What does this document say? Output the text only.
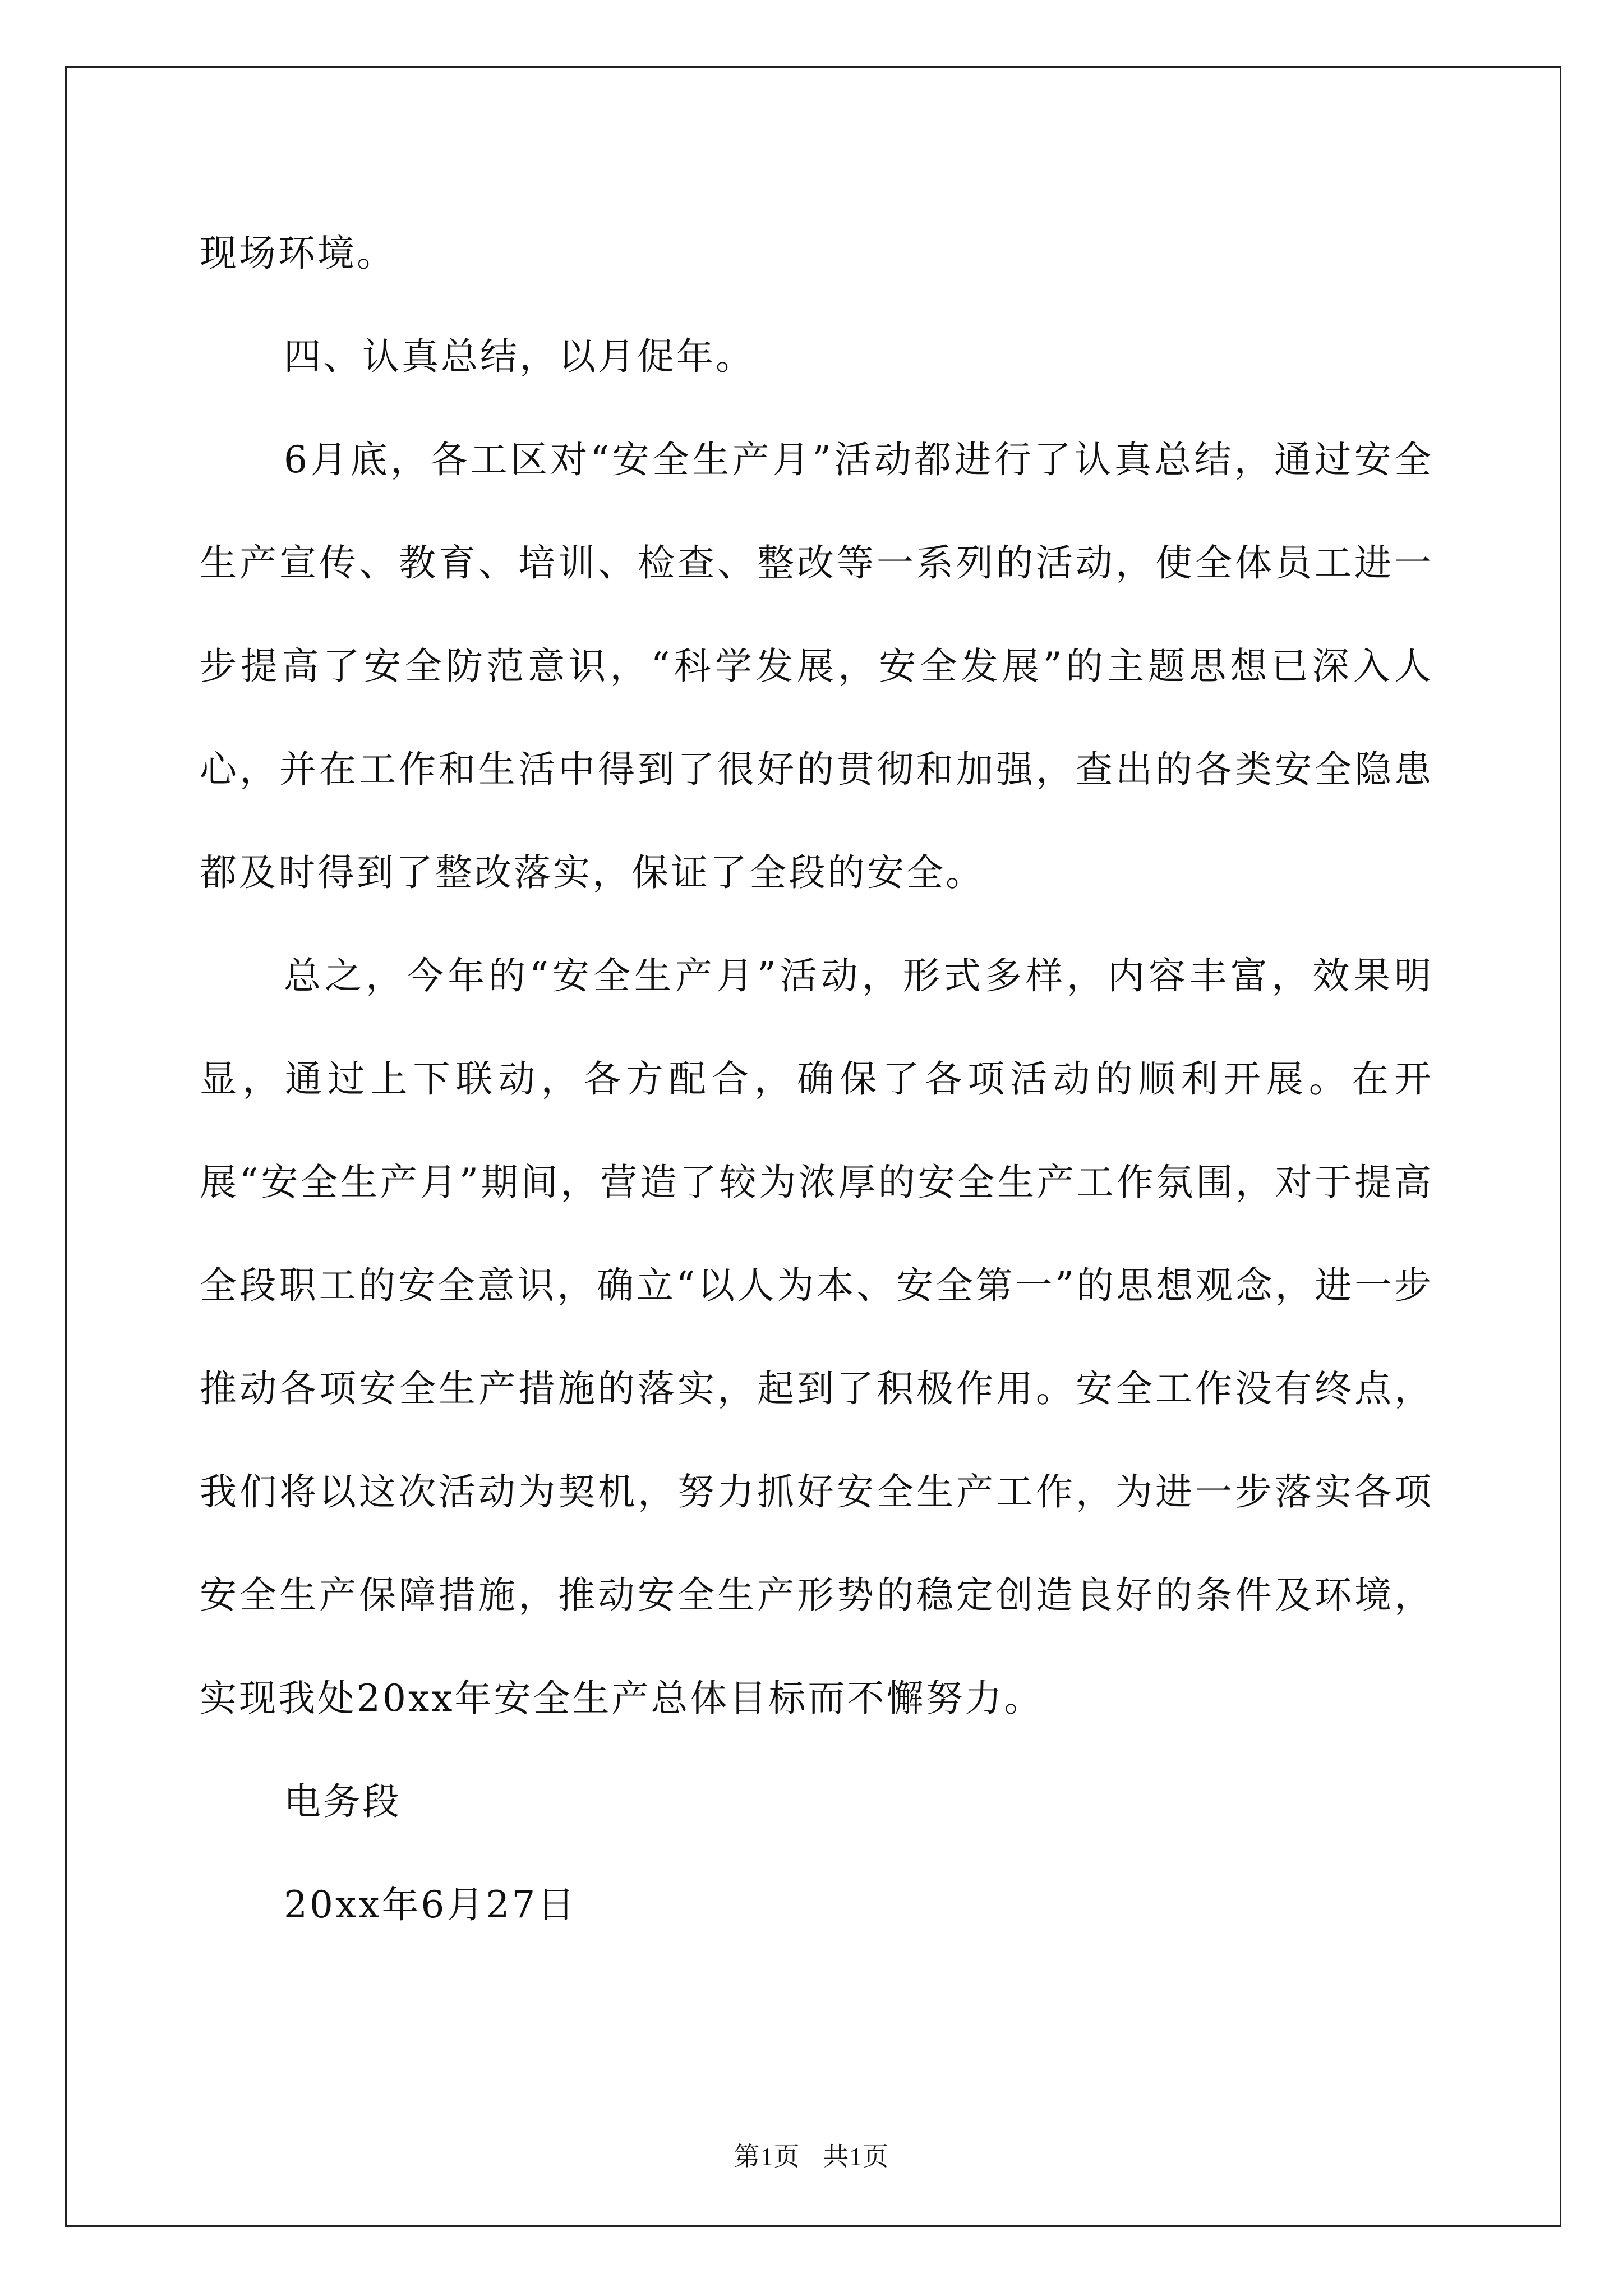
现场环境。

四、认真总结，以月促年。

6月底，各工区对“安全生产月”活动都进行了认真总结，通过安全生产宣传、教育、培训、检查、整改等一系列的活动，使全体员工进一步提高了安全防范意识，“科学发展，安全发展”的主题思想已深入人心，并在工作和生活中得到了很好的贯彻和加强，查出的各类安全隐患都及时得到了整改落实，保证了全段的安全。

总之，今年的“安全生产月”活动，形式多样，内容丰富，效果明显，通过上下联动，各方配合，确保了各项活动的顺利开展。在开展“安全生产月”期间，营造了较为浓厚的安全生产工作氛围，对于提高全段职工的安全意识，确立“以人为本、安全第一”的思想观念，进一步推动各项安全生产措施的落实，起到了积极作用。安全工作没有终点，我们将以这次活动为契机，努力抓好安全生产工作，为进一步落实各项安全生产保障措施，推动安全生产形势的稳定创造良好的条件及环境，实现我处20xx年安全生产总体目标而不懈努力。

电务段

20xx年6月27日

第1页 共1页
